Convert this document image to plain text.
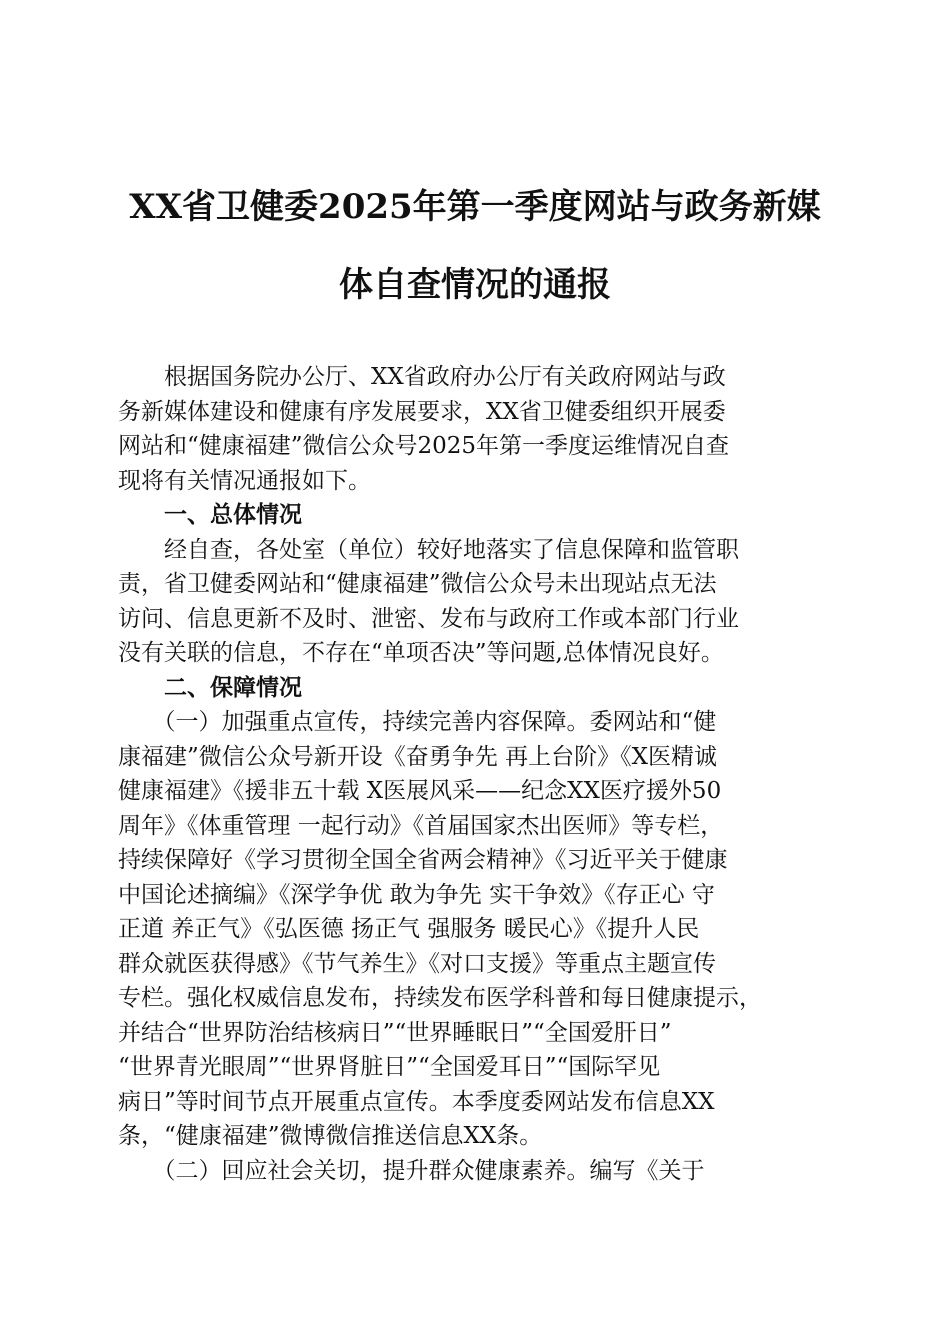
XX省卫健委2025年第一季度网站与政务新媒
体自查情况的通报

根据国务院办公厅、XX省政府办公厅有关政府网站与政
务新媒体建设和健康有序发展要求，XX省卫健委组织开展委
网站和“健康福建”微信公众号2025年第一季度运维情况自查
现将有关情况通报如下。

一、总体情况

经自查，各处室（单位）较好地落实了信息保障和监管职
责，省卫健委网站和“健康福建”微信公众号未出现站点无法
访问、信息更新不及时、泄密、发布与政府工作或本部门行业
没有关联的信息，不存在“单项否决”等问题,总体情况良好。

二、保障情况

（一）加强重点宣传，持续完善内容保障。委网站和“健
康福建”微信公众号新开设《奋勇争先 再上台阶》《X医精诚
健康福建》《援非五十载 X医展风采——纪念XX医疗援外50
周年》《体重管理 一起行动》《首届国家杰出医师》等专栏，
持续保障好《学习贯彻全国全省两会精神》《习近平关于健康
中国论述摘编》《深学争优 敢为争先 实干争效》《存正心 守
正道 养正气》《弘医德 扬正气 强服务 暖民心》《提升人民
群众就医获得感》《节气养生》《对口支援》等重点主题宣传
专栏。强化权威信息发布，持续发布医学科普和每日健康提示，
并结合“世界防治结核病日”“世界睡眠日”“全国爱肝日”
“世界青光眼周”“世界肾脏日”“全国爱耳日”“国际罕见
病日”等时间节点开展重点宣传。本季度委网站发布信息XX
条，“健康福建”微博微信推送信息XX条。

（二）回应社会关切，提升群众健康素养。编写《关于
